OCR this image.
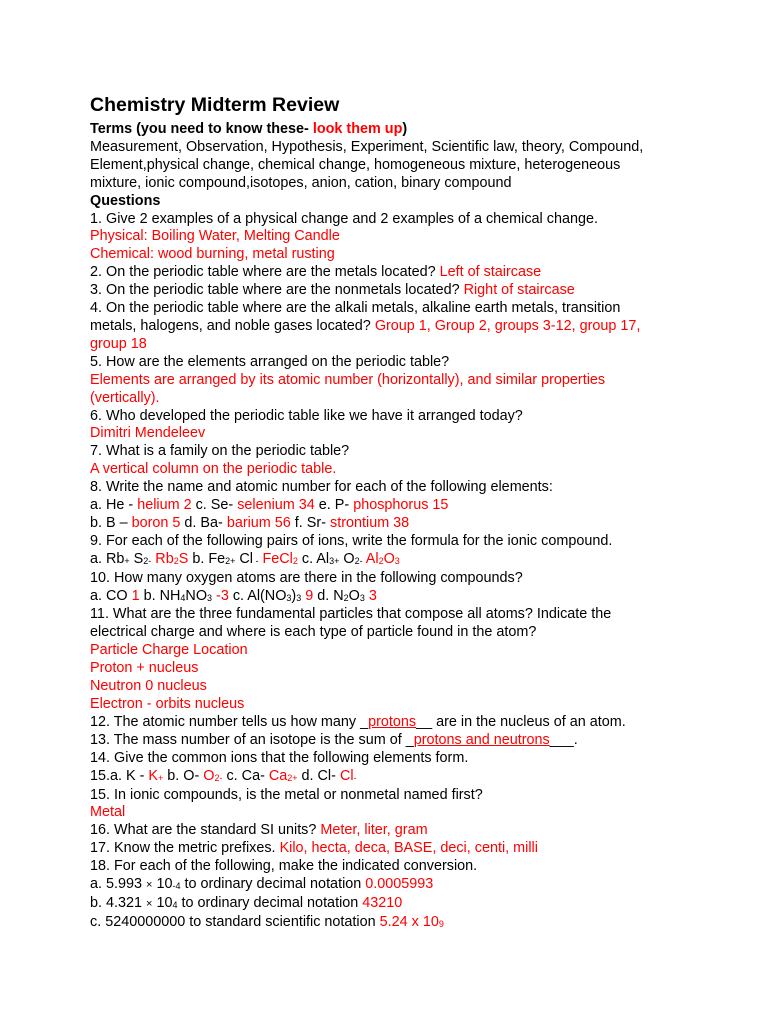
Chemistry Midterm Review
Terms (you need to know these- look them up)
Measurement, Observation, Hypothesis, Experiment, Scientific law, theory, Compound,
Element,physical change, chemical change, homogeneous mixture, heterogeneous
mixture, ionic compound,isotopes, anion, cation, binary compound
Questions
1. Give 2 examples of a physical change and 2 examples of a chemical change.
Physical: Boiling Water, Melting Candle
Chemical: wood burning, metal rusting
2. On the periodic table where are the metals located? Left of staircase
3. On the periodic table where are the nonmetals located? Right of staircase
4. On the periodic table where are the alkali metals, alkaline earth metals, transition
metals, halogens, and noble gases located? Group 1, Group 2, groups 3-12, group 17,
group 18
5. How are the elements arranged on the periodic table?
Elements are arranged by its atomic number (horizontally), and similar properties
(vertically).
6. Who developed the periodic table like we have it arranged today?
Dimitri Mendeleev
7. What is a family on the periodic table?
A vertical column on the periodic table.
8. Write the name and atomic number for each of the following elements:
a. He - helium 2 c. Se- selenium 34 e. P- phosphorus 15
b. B – boron 5 d. Ba- barium 56 f. Sr- strontium 38
9. For each of the following pairs of ions, write the formula for the ionic compound.
a. Rb+ S2- Rb2S b. Fe2+ Cl - FeCl2 c. Al3+ O2- Al2O3
10. How many oxygen atoms are there in the following compounds?
a. CO 1 b. NH4NO3 -3 c. Al(NO3)3 9 d. N2O3 3
11. What are the three fundamental particles that compose all atoms? Indicate the
electrical charge and where is each type of particle found in the atom?
Particle Charge Location
Proton + nucleus
Neutron 0 nucleus
Electron - orbits nucleus
12. The atomic number tells us how many _protons__ are in the nucleus of an atom.
13. The mass number of an isotope is the sum of _protons and neutrons___.
14. Give the common ions that the following elements form.
15.a. K - K+ b. O- O2- c. Ca- Ca2+ d. Cl- Cl-
15. In ionic compounds, is the metal or nonmetal named first?
Metal
16. What are the standard SI units? Meter, liter, gram
17. Know the metric prefixes. Kilo, hecta, deca, BASE, deci, centi, milli
18. For each of the following, make the indicated conversion.
a. 5.993 × 10-4 to ordinary decimal notation 0.0005993
b. 4.321 × 104 to ordinary decimal notation 43210
c. 5240000000 to standard scientific notation 5.24 x 109
